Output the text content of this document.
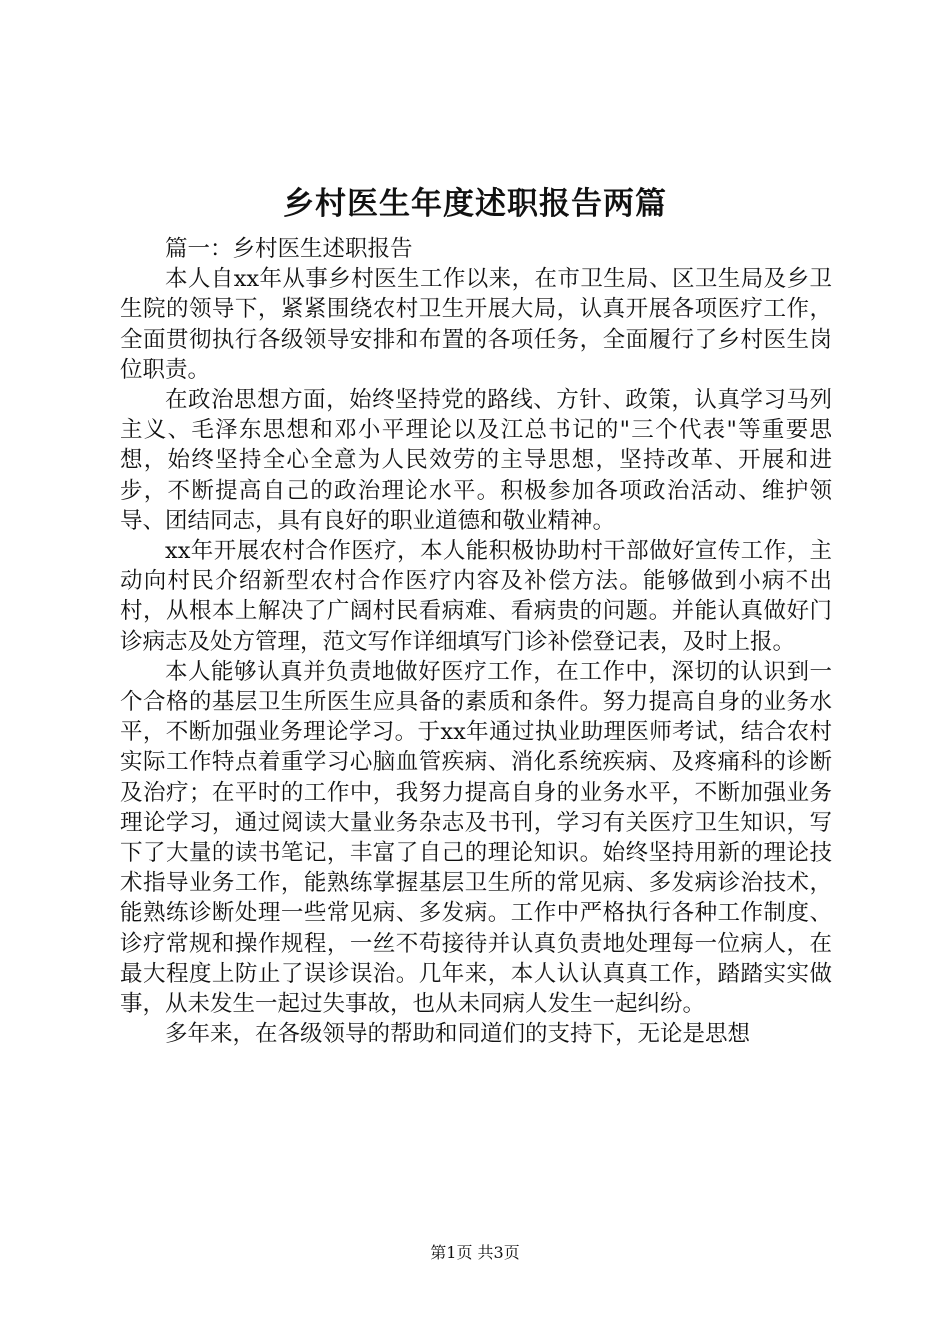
乡村医生年度述职报告两篇

篇一：乡村医生述职报告

本人自xx年从事乡村医生工作以来，在市卫生局、区卫生局及乡卫生院的领导下，紧紧围绕农村卫生开展大局，认真开展各项医疗工作，全面贯彻执行各级领导安排和布置的各项任务，全面履行了乡村医生岗位职责。

在政治思想方面，始终坚持党的路线、方针、政策，认真学习马列主义、毛泽东思想和邓小平理论以及江总书记的"三个代表"等重要思想，始终坚持全心全意为人民效劳的主导思想，坚持改革、开展和进步，不断提高自己的政治理论水平。积极参加各项政治活动、维护领导、团结同志，具有良好的职业道德和敬业精神。

xx年开展农村合作医疗，本人能积极协助村干部做好宣传工作，主动向村民介绍新型农村合作医疗内容及补偿方法。能够做到小病不出村，从根本上解决了广阔村民看病难、看病贵的问题。并能认真做好门诊病志及处方管理，范文写作详细填写门诊补偿登记表，及时上报。

本人能够认真并负责地做好医疗工作，在工作中，深切的认识到一个合格的基层卫生所医生应具备的素质和条件。努力提高自身的业务水平，不断加强业务理论学习。于xx年通过执业助理医师考试，结合农村实际工作特点着重学习心脑血管疾病、消化系统疾病、及疼痛科的诊断及治疗；在平时的工作中，我努力提高自身的业务水平，不断加强业务理论学习，通过阅读大量业务杂志及书刊，学习有关医疗卫生知识，写下了大量的读书笔记，丰富了自己的理论知识。始终坚持用新的理论技术指导业务工作，能熟练掌握基层卫生所的常见病、多发病诊治技术，能熟练诊断处理一些常见病、多发病。工作中严格执行各种工作制度、诊疗常规和操作规程，一丝不苟接待并认真负责地处理每一位病人，在最大程度上防止了误诊误治。几年来，本人认认真真工作，踏踏实实做事，从未发生一起过失事故，也从未同病人发生一起纠纷。

多年来，在各级领导的帮助和同道们的支持下，无论是思想

第1页 共3页
